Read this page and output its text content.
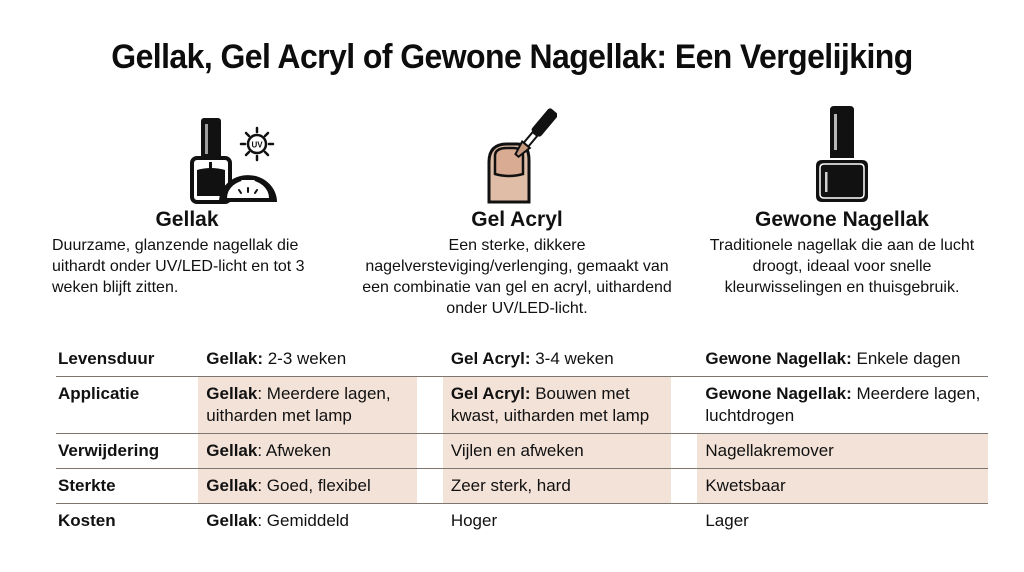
Gellak, Gel Acryl of Gewone Nagellak: Een Vergelijking
UV
Gellak

Duurzame, glanzende nagellak die uithardt onder UV/LED-licht en tot 3 weken blijft zitten.

Gel Acryl

Een sterke, dikkere nagelversteviging/verlenging, gemaakt van een combinatie van gel en acryl, uithardend onder UV/LED-licht.

Gewone Nagellak

Traditionele nagellak die aan de lucht droogt, ideaal voor snelle kleurwisselingen en thuisgebruik.

Levensduur	Gellak: 2-3 weken		Gel Acryl: 3-4 weken		Gewone Nagellak: Enkele dagen
Applicatie	Gellak: Meerdere lagen, uitharden met lamp		Gel Acryl: Bouwen met kwast, uitharden met lamp		Gewone Nagellak: Meerdere lagen, luchtdrogen
Verwijdering	Gellak: Afweken		Vijlen en afweken		Nagellakremover
Sterkte	Gellak: Goed, flexibel		Zeer sterk, hard		Kwetsbaar
Kosten	Gellak: Gemiddeld		Hoger		Lager
